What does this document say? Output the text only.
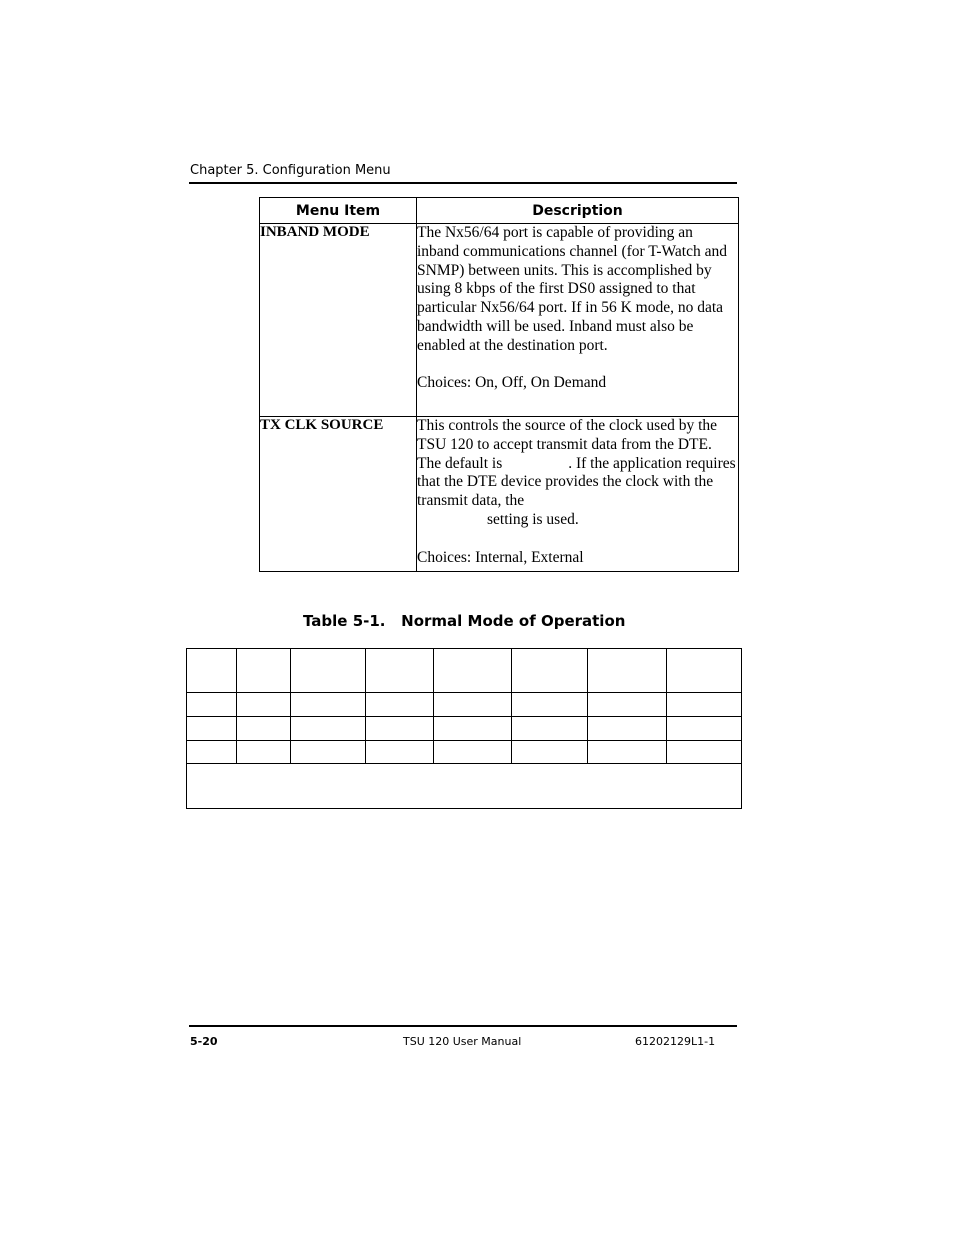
Chapter 5. Configuration Menu
Menu Item	Description
INBAND MODE	The Nx56/64 port is capable of providing an inband communications channel (for T-Watch and SNMP) between units. This is accomplished by using 8 kbps of the first DS0 assigned to that particular Nx56/64 port. If in 56 K mode, no data bandwidth will be used. Inband must also be enabled at the destination port.

Choices: On, Off, On Demand

TX CLK SOURCE	This controls the source of the clock used by the TSU 120 to accept transmit data from the DTE. The default is . If the application requires that the DTE device provides the clock with the transmit data, the
setting is used.

Choices: Internal, External

Table 5-1.   Normal Mode of Operation

5-20	TSU 120 User Manual	61202129L1-1
